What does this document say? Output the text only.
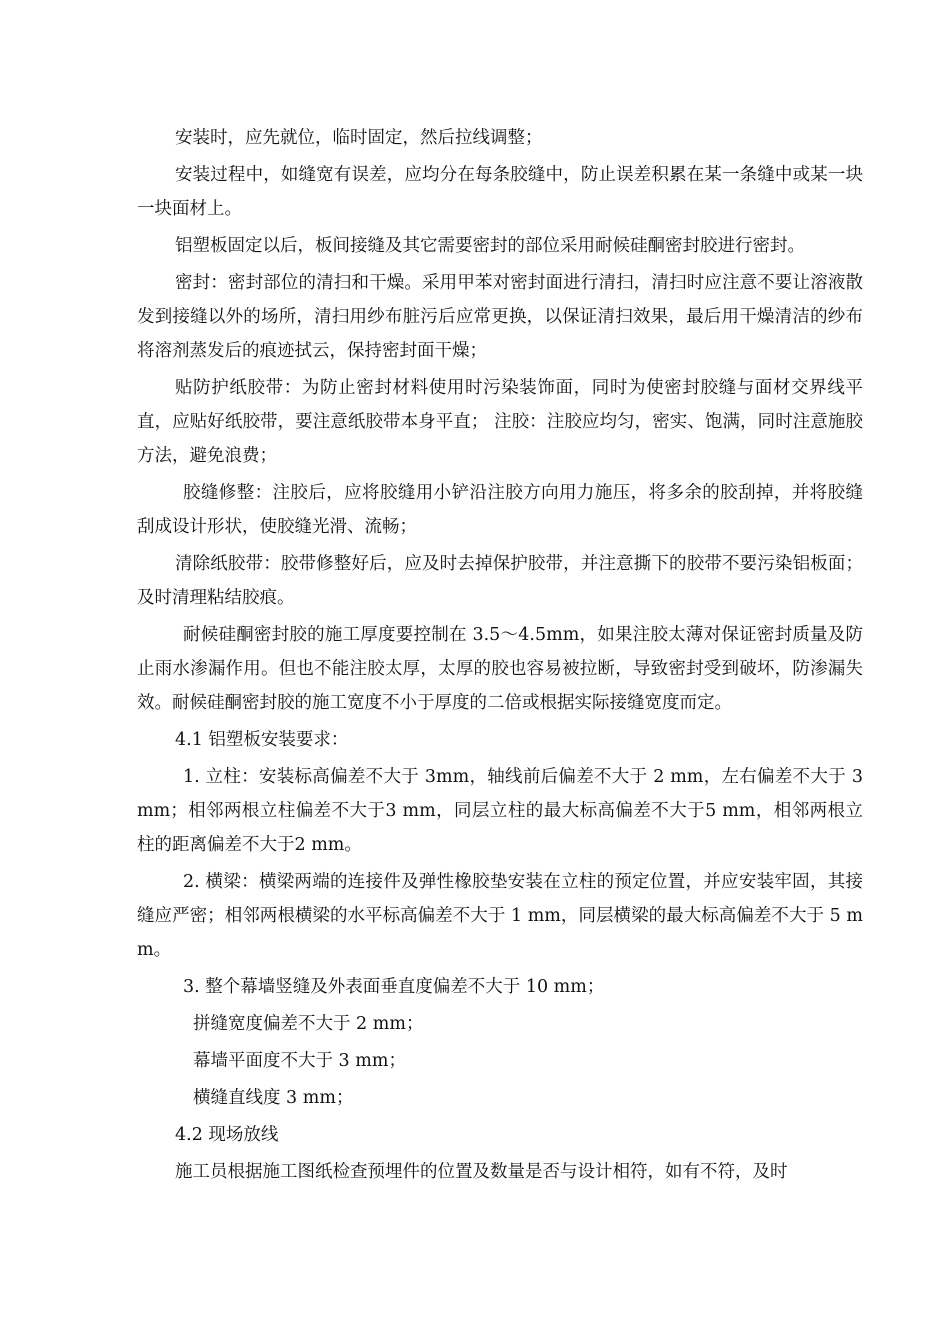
安装时，应先就位，临时固定，然后拉线调整；

安装过程中，如缝宽有误差，应均分在每条胶缝中，防止误差积累在某一条缝中或某一块一块面材上。

铝塑板固定以后，板间接缝及其它需要密封的部位采用耐候硅酮密封胶进行密封。

密封：密封部位的清扫和干燥。采用甲苯对密封面进行清扫，清扫时应注意不要让溶液散发到接缝以外的场所，清扫用纱布脏污后应常更换，以保证清扫效果，最后用干燥清洁的纱布将溶剂蒸发后的痕迹拭云，保持密封面干燥；

贴防护纸胶带：为防止密封材料使用时污染装饰面，同时为使密封胶缝与面材交界线平直，应贴好纸胶带，要注意纸胶带本身平直； 注胶：注胶应均匀，密实、饱满，同时注意施胶方法，避免浪费；

胶缝修整：注胶后，应将胶缝用小铲沿注胶方向用力施压，将多余的胶刮掉，并将胶缝刮成设计形状，使胶缝光滑、流畅；

清除纸胶带：胶带修整好后，应及时去掉保护胶带，并注意撕下的胶带不要污染铝板面；及时清理粘结胶痕。

耐候硅酮密封胶的施工厚度要控制在 3.5～4.5mm，如果注胶太薄对保证密封质量及防止雨水渗漏作用。但也不能注胶太厚，太厚的胶也容易被拉断，导致密封受到破坏，防渗漏失效。耐候硅酮密封胶的施工宽度不小于厚度的二倍或根据实际接缝宽度而定。

4.1 铝塑板安装要求：

1. 立柱：安装标高偏差不大于 3mm，轴线前后偏差不大于 2 mm，左右偏差不大于 3 mm；相邻两根立柱偏差不大于3 mm，同层立柱的最大标高偏差不大于5 mm，相邻两根立柱的距离偏差不大于2 mm。

2. 横梁：横梁两端的连接件及弹性橡胶垫安装在立柱的预定位置，并应安装牢固，其接缝应严密；相邻两根横梁的水平标高偏差不大于 1 mm，同层横梁的最大标高偏差不大于 5 mm。

3. 整个幕墙竖缝及外表面垂直度偏差不大于 10 mm；

拼缝宽度偏差不大于 2 mm；

幕墙平面度不大于 3 mm；

横缝直线度 3 mm；

4.2 现场放线

施工员根据施工图纸检查预埋件的位置及数量是否与设计相符，如有不符，及时
